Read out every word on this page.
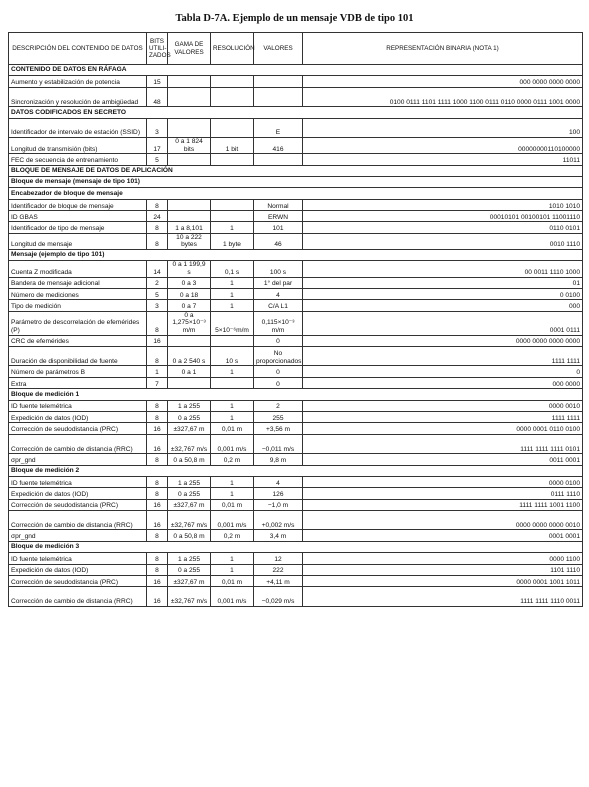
Tabla D-7A. Ejemplo de un mensaje VDB de tipo 101
DESCRIPCIÓN DEL CONTENIDO DE DATOS	BITS UTILI-ZADOS	GAMA DE VALORES	RESOLUCIÓN	VALORES	REPRESENTACIÓN BINARIA (NOTA 1)
CONTENIDO DE DATOS EN RÁFAGA					
Aumento y estabilización de potencia	15				000 0000 0000 0000
Sincronización y resolución de ambigüedad	48				0100 0111 1101 1111 1000 1100 0111 0110 0000 0111 1001 0000
DATOS CODIFICADOS EN SECRETO					
Identificador de intervalo de estación (SSID)	3			E	100
Longitud de transmisión (bits)	17	0 a 1 824 bits	1 bit	416	00000000110100000
FEC de secuencia de entrenamiento	5				11011
BLOQUE DE MENSAJE DE DATOS DE APLICACIÓN					
Bloque de mensaje (mensaje de tipo 101)					
Encabezador de bloque de mensaje					
Identificador de bloque de mensaje	8			Normal	1010 1010
ID GBAS	24			ERWN	00010101 00100101 11001110
Identificador de tipo de mensaje	8	1 a 8,101	1	101	0110 0101
Longitud de mensaje	8	10 a 222 bytes	1 byte	46	0010 1110
Mensaje (ejemplo de tipo 101)					
Cuenta Z modificada	14	0 a 1 199,9 s	0,1 s	100 s	00 0011 1110 1000
Bandera de mensaje adicional	2	0 a 3	1	1° del par	01
Número de mediciones	5	0 a 18	1	4	0 0100
Tipo de medición	3	0 a 7	1	C/A L1	000
Parámetro de descorrelación de efemérides (P)	8	0 a 1,275×10⁻³ m/m	5×10⁻⁶m/m	0,115×10⁻³ m/m	0001 0111
CRC de efemérides	16			0	0000 0000 0000 0000
Duración de disponibilidad de fuente	8	0 a 2 540 s	10 s	No proporcionados	1111 1111
Número de parámetros B	1	0 a 1	1	0	0
Extra	7			0	000 0000
Bloque de medición 1					
ID fuente telemétrica	8	1 a 255	1	2	0000 0010
Expedición de datos (IOD)	8	0 a 255	1	255	1111 1111
Corrección de seudodistancia (PRC)	16	±327,67 m	0,01 m	+3,56 m	0000 0001 0110 0100
Corrección de cambio de distancia (RRC)	16	±32,767 m/s	0,001 m/s	−0,011 m/s	1111 1111 1111 0101
σpr_gnd	8	0 a 50,8 m	0,2 m	9,8 m	0011 0001
Bloque de medición 2					
ID fuente telemétrica	8	1 a 255	1	4	0000 0100
Expedición de datos (IOD)	8	0 a 255	1	126	0111 1110
Corrección de seudodistancia (PRC)	16	±327,67 m	0,01 m	−1,0 m	1111 1111 1001 1100
Corrección de cambio de distancia (RRC)	16	±32,767 m/s	0,001 m/s	+0,002 m/s	0000 0000 0000 0010
σpr_gnd	8	0 a 50,8 m	0,2 m	3,4 m	0001 0001
Bloque de medición 3					
ID fuente telemétrica	8	1 a 255	1	12	0000 1100
Expedición de datos (IOD)	8	0 a 255	1	222	1101 1110
Corrección de seudodistancia (PRC)	16	±327,67 m	0,01 m	+4,11 m	0000 0001 1001 1011
Corrección de cambio de distancia (RRC)	16	±32,767 m/s	0,001 m/s	−0,029 m/s	1111 1111 1110 0011
